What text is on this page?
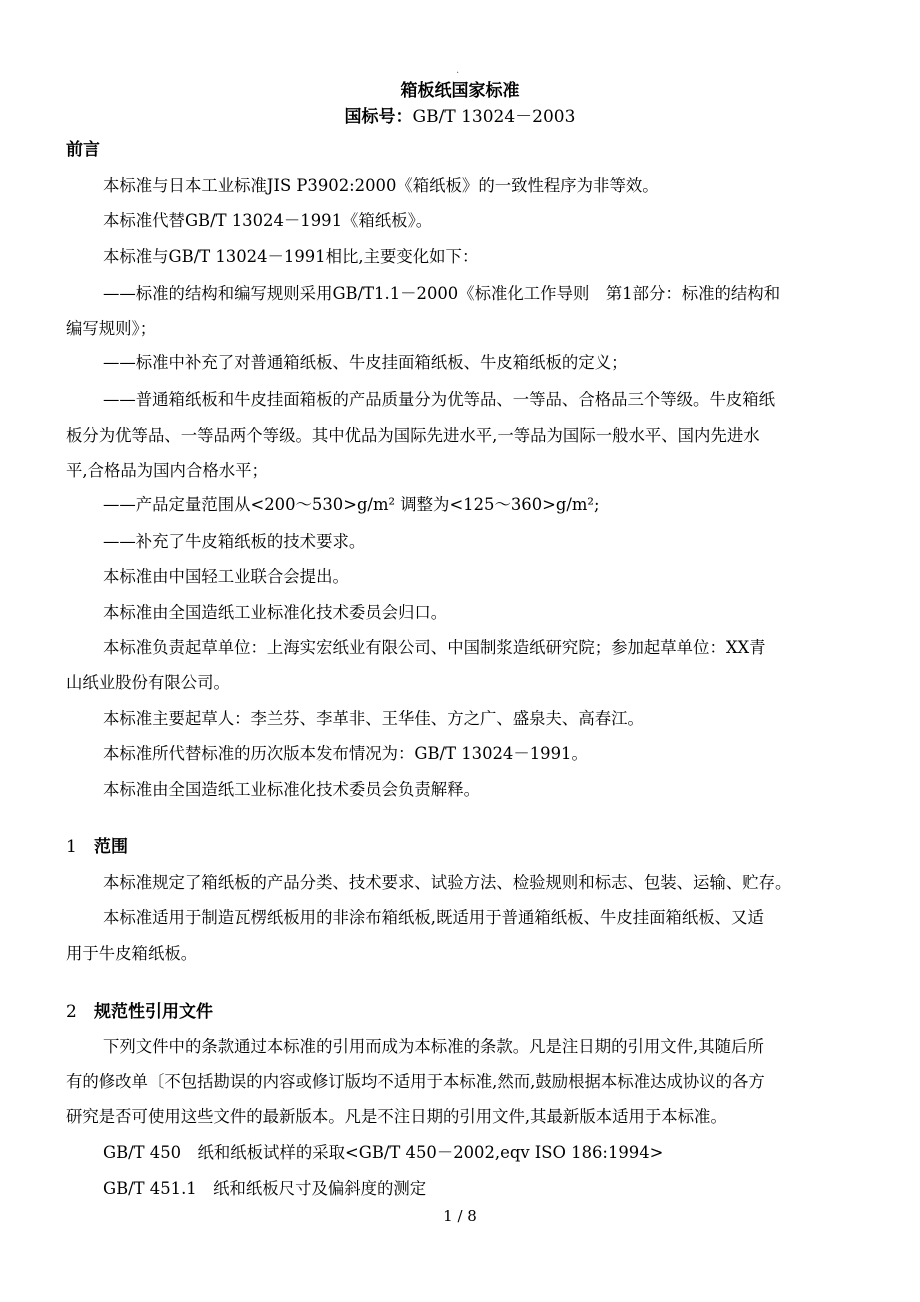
.
箱板纸国家标准
国标号：GB/T 13024－2003
前言
本标准与日本工业标准JIS P3902:2000《箱纸板》的一致性程序为非等效。
本标准代替GB/T 13024－1991《箱纸板》。
本标准与GB/T 13024－1991相比,主要变化如下：
——标准的结构和编写规则采用GB/T1.1－2000《标准化工作导则　第1部分：标准的结构和
编写规则》；
——标准中补充了对普通箱纸板、牛皮挂面箱纸板、牛皮箱纸板的定义；
——普通箱纸板和牛皮挂面箱板的产品质量分为优等品、一等品、合格品三个等级。牛皮箱纸
板分为优等品、一等品两个等级。其中优品为国际先进水平,一等品为国际一般水平、国内先进水
平,合格品为国内合格水平；
——产品定量范围从<200～530>g/m² 调整为<125～360>g/m²;
——补充了牛皮箱纸板的技术要求。
本标准由中国轻工业联合会提出。
本标准由全国造纸工业标准化技术委员会归口。
本标准负责起草单位：上海实宏纸业有限公司、中国制浆造纸研究院；参加起草单位：XX青
山纸业股份有限公司。
本标准主要起草人：李兰芬、李革非、王华佳、方之广、盛泉夫、高春江。
本标准所代替标准的历次版本发布情况为：GB/T 13024－1991。
本标准由全国造纸工业标准化技术委员会负责解释。
1 范围
本标准规定了箱纸板的产品分类、技术要求、试验方法、检验规则和标志、包装、运输、贮存。
本标准适用于制造瓦楞纸板用的非涂布箱纸板,既适用于普通箱纸板、牛皮挂面箱纸板、又适
用于牛皮箱纸板。
2 规范性引用文件
下列文件中的条款通过本标准的引用而成为本标准的条款。凡是注日期的引用文件,其随后所
有的修改单〔不包括勘误的内容或修订版均不适用于本标准,然而,鼓励根据本标准达成协议的各方
研究是否可使用这些文件的最新版本。凡是不注日期的引用文件,其最新版本适用于本标准。
GB/T 450　纸和纸板试样的采取<GB/T 450－2002,eqv ISO 186:1994>
GB/T 451.1　纸和纸板尺寸及偏斜度的测定
1 / 8
